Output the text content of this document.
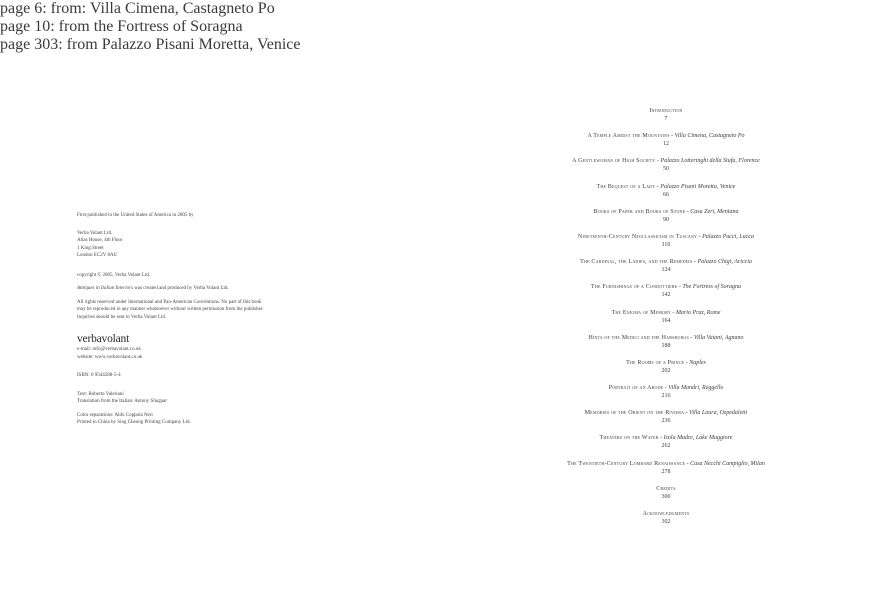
First published in the United States of America in 2005 by

Verba Volant Ltd.

Atlas House, 4th Floor

1 King Street

London EC2V 8AU

copyright © 2005, Verba Volant Ltd.

Antiques in Italian Interiors was created and produced by Verba Volant Ltd.

All rights reserved under International and Pan-American Conventions. No part of this book

may be reproduced in any manner whatsoever without written permission from the publisher.

Inquiries should be sent to Verba Volant Ltd.

verbavolant

e-mail: info@verbavolant.co.uk

website: www.verbavolant.co.uk

ISBN: 0 9544288-5-4

Text: Roberto Valeriani

Translation from the Italian: Antony Shugaar

Color separations: Aldo Coppola Neri

Printed in China by Sing Cheong Printing Company Ltd.

page 6: from: Villa Cimena, Castagneto Po

page 10: from the Fortress of Soragna

page 303: from Palazzo Pisani Moretta, Venice

Introduction
7
A Temple Amidst the Mountains - Villa Cimena, Castagneto Po
12
A Gentlewoman of High Society - Palazzo Lotteringhi della Stufa, Florence
50
The Bequest of a Lady - Palazzo Pisani Moretta, Venice
66
Books of Paper and Books of Stone - Casa Zeri, Mentana
90
Nineteenth-Century Neoclassicism in Tuscany - Palazzo Pucci, Lucca
110
The Cardinal, the Ladies, and the Remedies - Palazzo Chigi, Ariccia
124
The Furnishings of a Condottiere - The Fortress of Soragna
142
The Enigma of Memory - Mario Praz, Rome
164
Hints of the Medici and the Habsburgs - Villa Vaiani, Agnano
188
The Rooms of a Prince - Naples
202
Portrait of an Abode - Villa Mandri, Reggello
216
Memories of the Orient on the Riviera - Villa Laura, Ospedaletti
236
Theaters on the Water - Isola Madre, Lake Maggiore
262
The Twentieth-Century Lombard Renaissance - Casa Necchi Campiglio, Milan
278
Credits
300
Acknowledgments
302
